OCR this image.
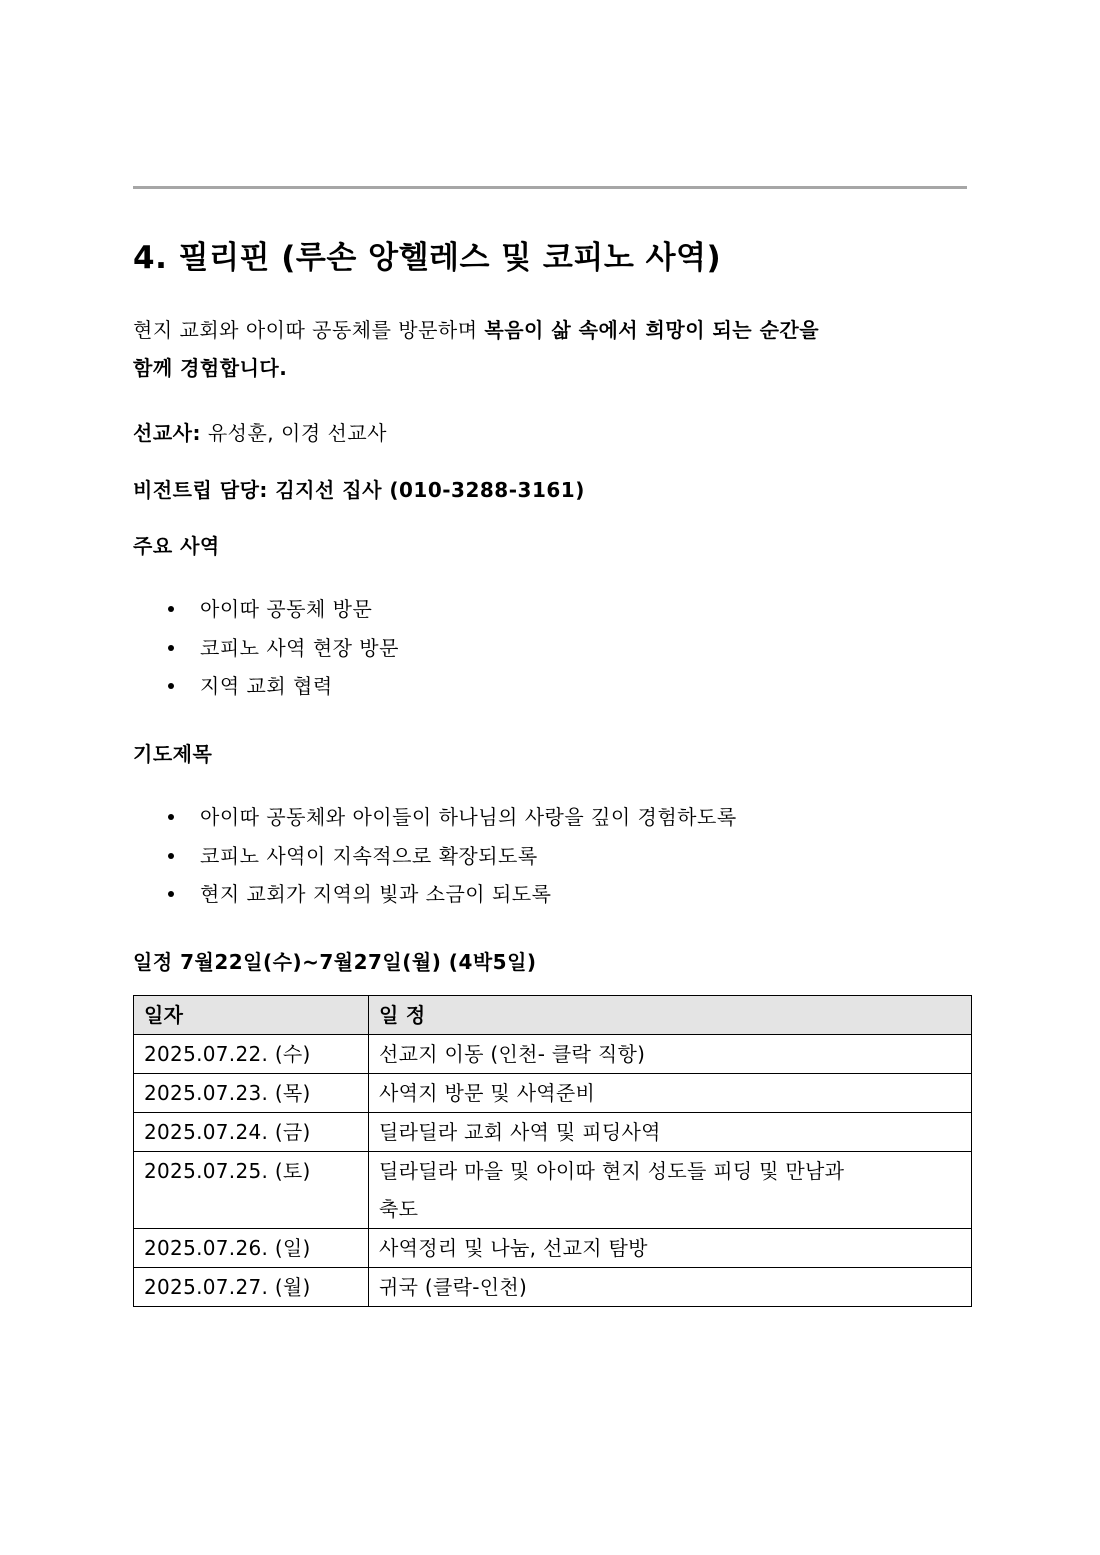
4. 필리핀 (루손 앙헬레스 및 코피노 사역)
현지 교회와 아이따 공동체를 방문하며 복음이 삶 속에서 희망이 되는 순간을
함께 경험합니다.
선교사: 유성훈, 이경 선교사
비전트립 담당: 김지선 집사 (010-3288-3161)
주요 사역
아이따 공동체 방문
코피노 사역 현장 방문
지역 교회 협력
기도제목
아이따 공동체와 아이들이 하나님의 사랑을 깊이 경험하도록
코피노 사역이 지속적으로 확장되도록
현지 교회가 지역의 빛과 소금이 되도록
일정 7월22일(수)~7월27일(월) (4박5일)
일자	일 정
2025.07.22. (수)	선교지 이동 (인천- 클락 직항)
2025.07.23. (목)	사역지 방문 및 사역준비
2025.07.24. (금)	딜라딜라 교회 사역 및 피딩사역
2025.07.25. (토)	딜라딜라 마을 및 아이따 현지 성도들 피딩 및 만남과
축도

2025.07.26. (일)	사역정리 및 나눔, 선교지 탐방
2025.07.27. (월)	귀국 (클락-인천)
